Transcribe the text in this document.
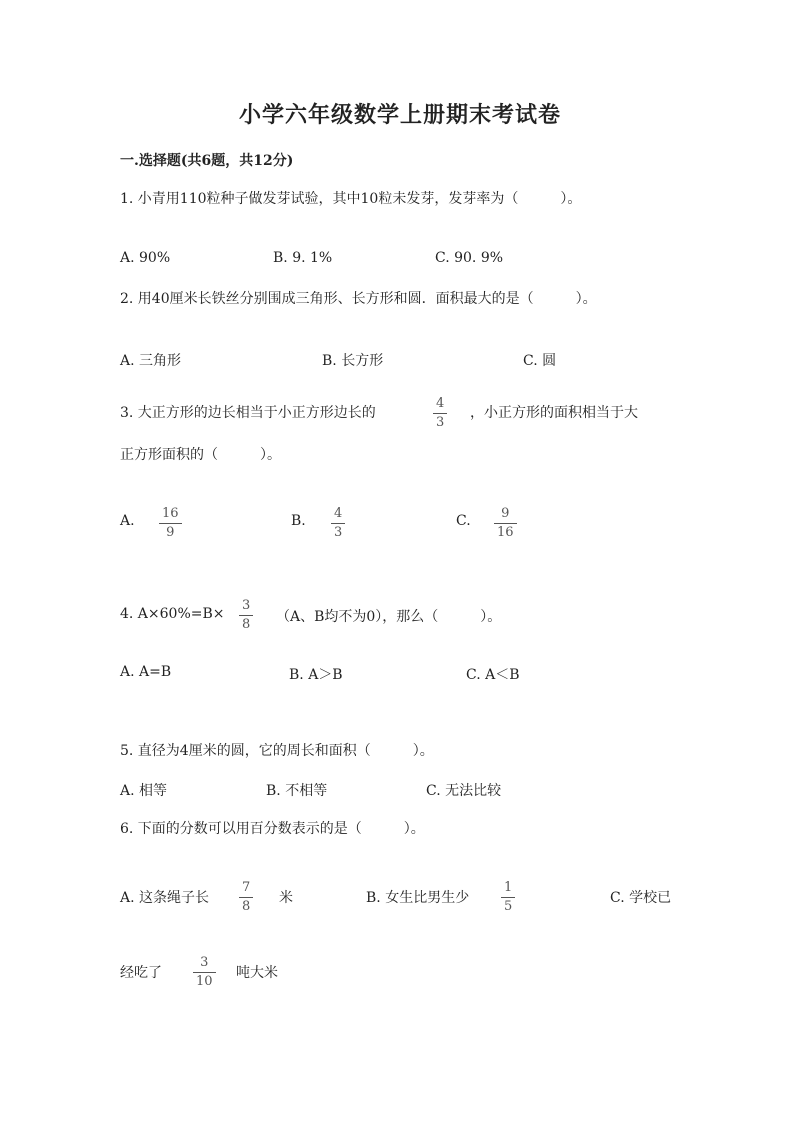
小学六年级数学上册期末考试卷
一.选择题(共6题，共12分)
1. 小青用110粒种子做发芽试验，其中10粒未发芽，发芽率为（　　　）。
A. 90%	B. 9. 1%	C. 90. 9%
2. 用40厘米长铁丝分别围成三角形、长方形和圆．面积最大的是（　　　）。
A. 三角形	B. 长方形	C. 圆
3. 大正方形的边长相当于小正方形边长的
4
3
，小正方形的面积相当于大
正方形面积的（　　　）。
A. 16
9
B. 4
3
C. 9
16
4. A×60%=B×
3
8 （A、B均不为0），那么（　　　）。
A. A=B	B. A＞B	C. A＜B
5. 直径为4厘米的圆，它的周长和面积（　　　）。
A. 相等	B. 不相等	C. 无法比较
6. 下面的分数可以用百分数表示的是（　　　）。
A. 这条绳子长
7
8
米	B. 女生比男生少
1
5
C. 学校已
经吃了
3
10
吨大米
